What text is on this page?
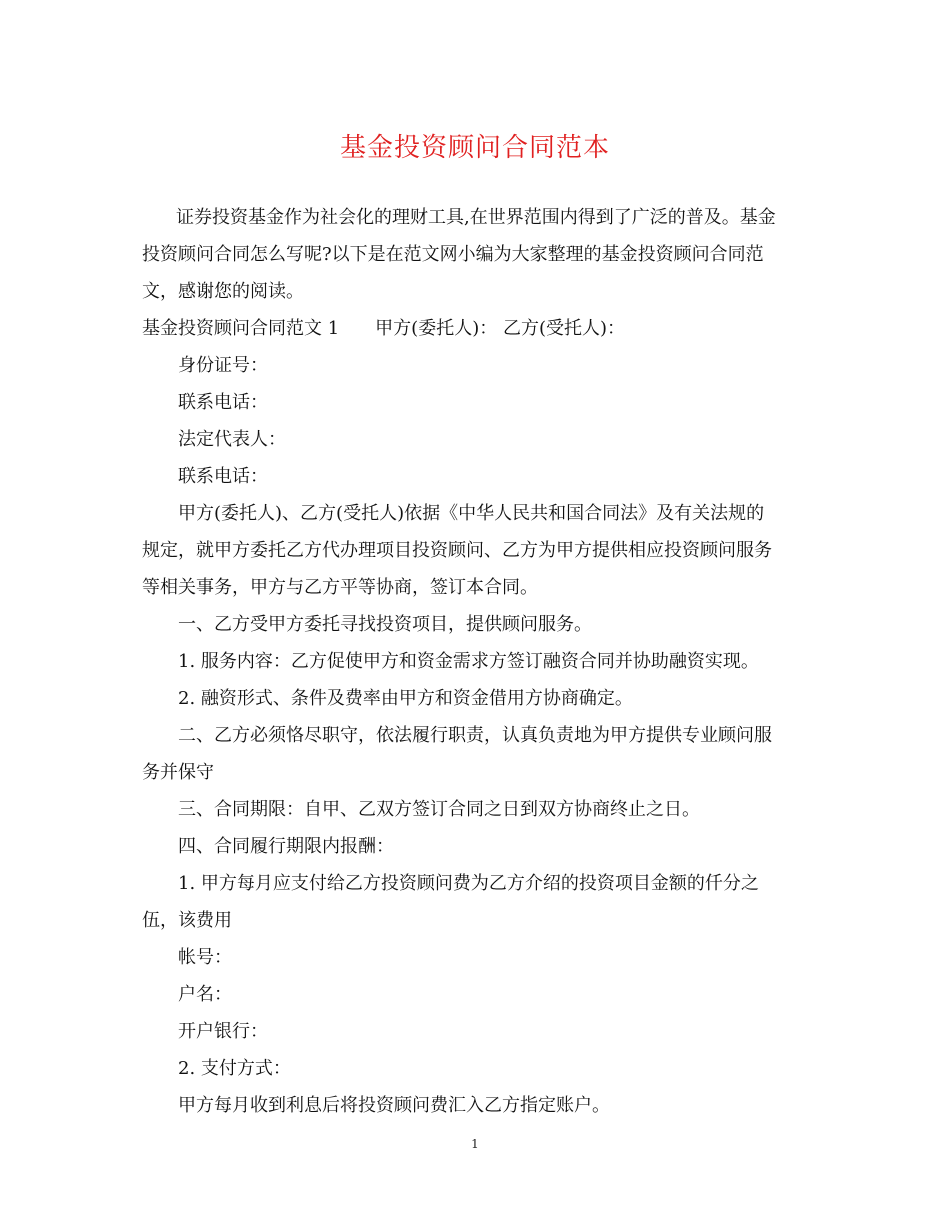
基金投资顾问合同范本
证券投资基金作为社会化的理财工具,在世界范围内得到了广泛的普及。基金
投资顾问合同怎么写呢?以下是在范文网小编为大家整理的基金投资顾问合同范
文，感谢您的阅读。
基金投资顾问合同范文 1　　甲方(委托人)： 乙方(受托人)：
身份证号：
联系电话：
法定代表人：
联系电话：
甲方(委托人)、乙方(受托人)依据《中华人民共和国合同法》及有关法规的
规定，就甲方委托乙方代办理项目投资顾问、乙方为甲方提供相应投资顾问服务
等相关事务，甲方与乙方平等协商，签订本合同。
一、乙方受甲方委托寻找投资项目，提供顾问服务。
1. 服务内容：乙方促使甲方和资金需求方签订融资合同并协助融资实现。
2. 融资形式、条件及费率由甲方和资金借用方协商确定。
二、乙方必须恪尽职守，依法履行职责，认真负责地为甲方提供专业顾问服
务并保守
三、合同期限：自甲、乙双方签订合同之日到双方协商终止之日。
四、合同履行期限内报酬：
1. 甲方每月应支付给乙方投资顾问费为乙方介绍的投资项目金额的仟分之
伍，该费用
帐号：
户名：
开户银行：
2. 支付方式：
甲方每月收到利息后将投资顾问费汇入乙方指定账户。
1
